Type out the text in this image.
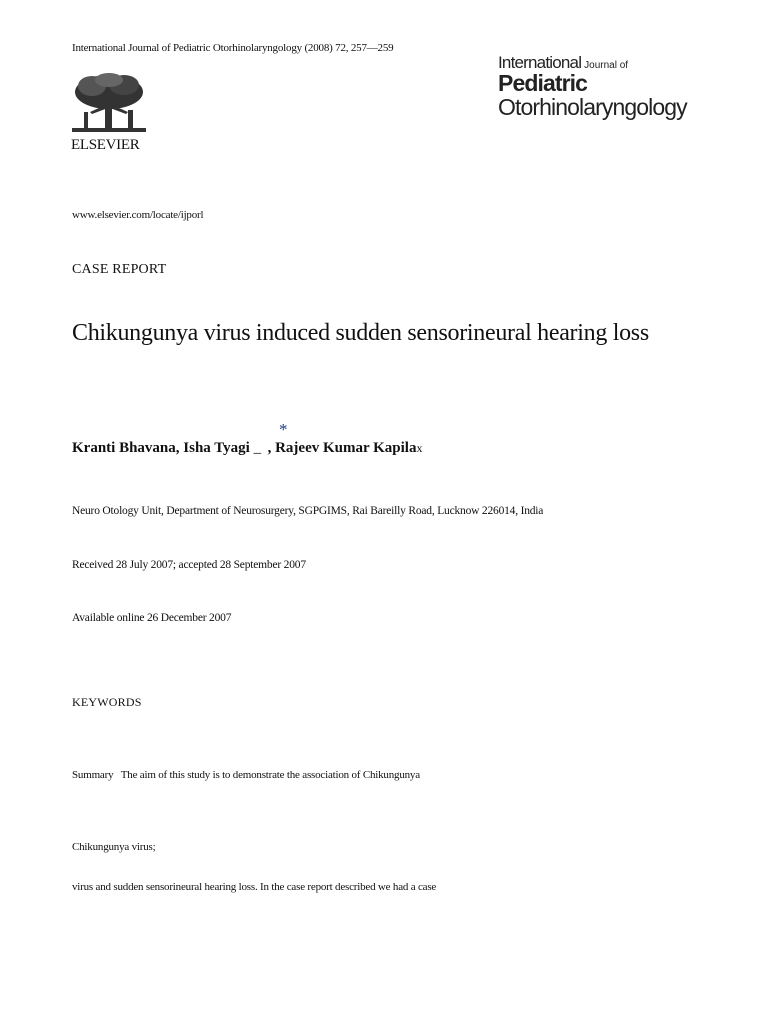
International Journal of Pediatric Otorhinolaryngology (2008) 72, 257—259
ELSEVIER
International Journal of
Pediatric
Otorhinolaryngology
www.elsevier.com/locate/ijporl
CASE REPORT
Chikungunya virus induced sudden sensorineural hearing loss
*
Kranti Bhavana, Isha Tyagi _ , Rajeev Kumar Kapilax
Neuro Otology Unit, Department of Neurosurgery, SGPGIMS, Rai Bareilly Road, Lucknow 226014, India
Received 28 July 2007; accepted 28 September 2007
Available online 26 December 2007
KEYWORDS
Summary The aim of this study is to demonstrate the association of Chikungunya
Chikungunya virus;
virus and sudden sensorineural hearing loss. In the case report described we had a case
